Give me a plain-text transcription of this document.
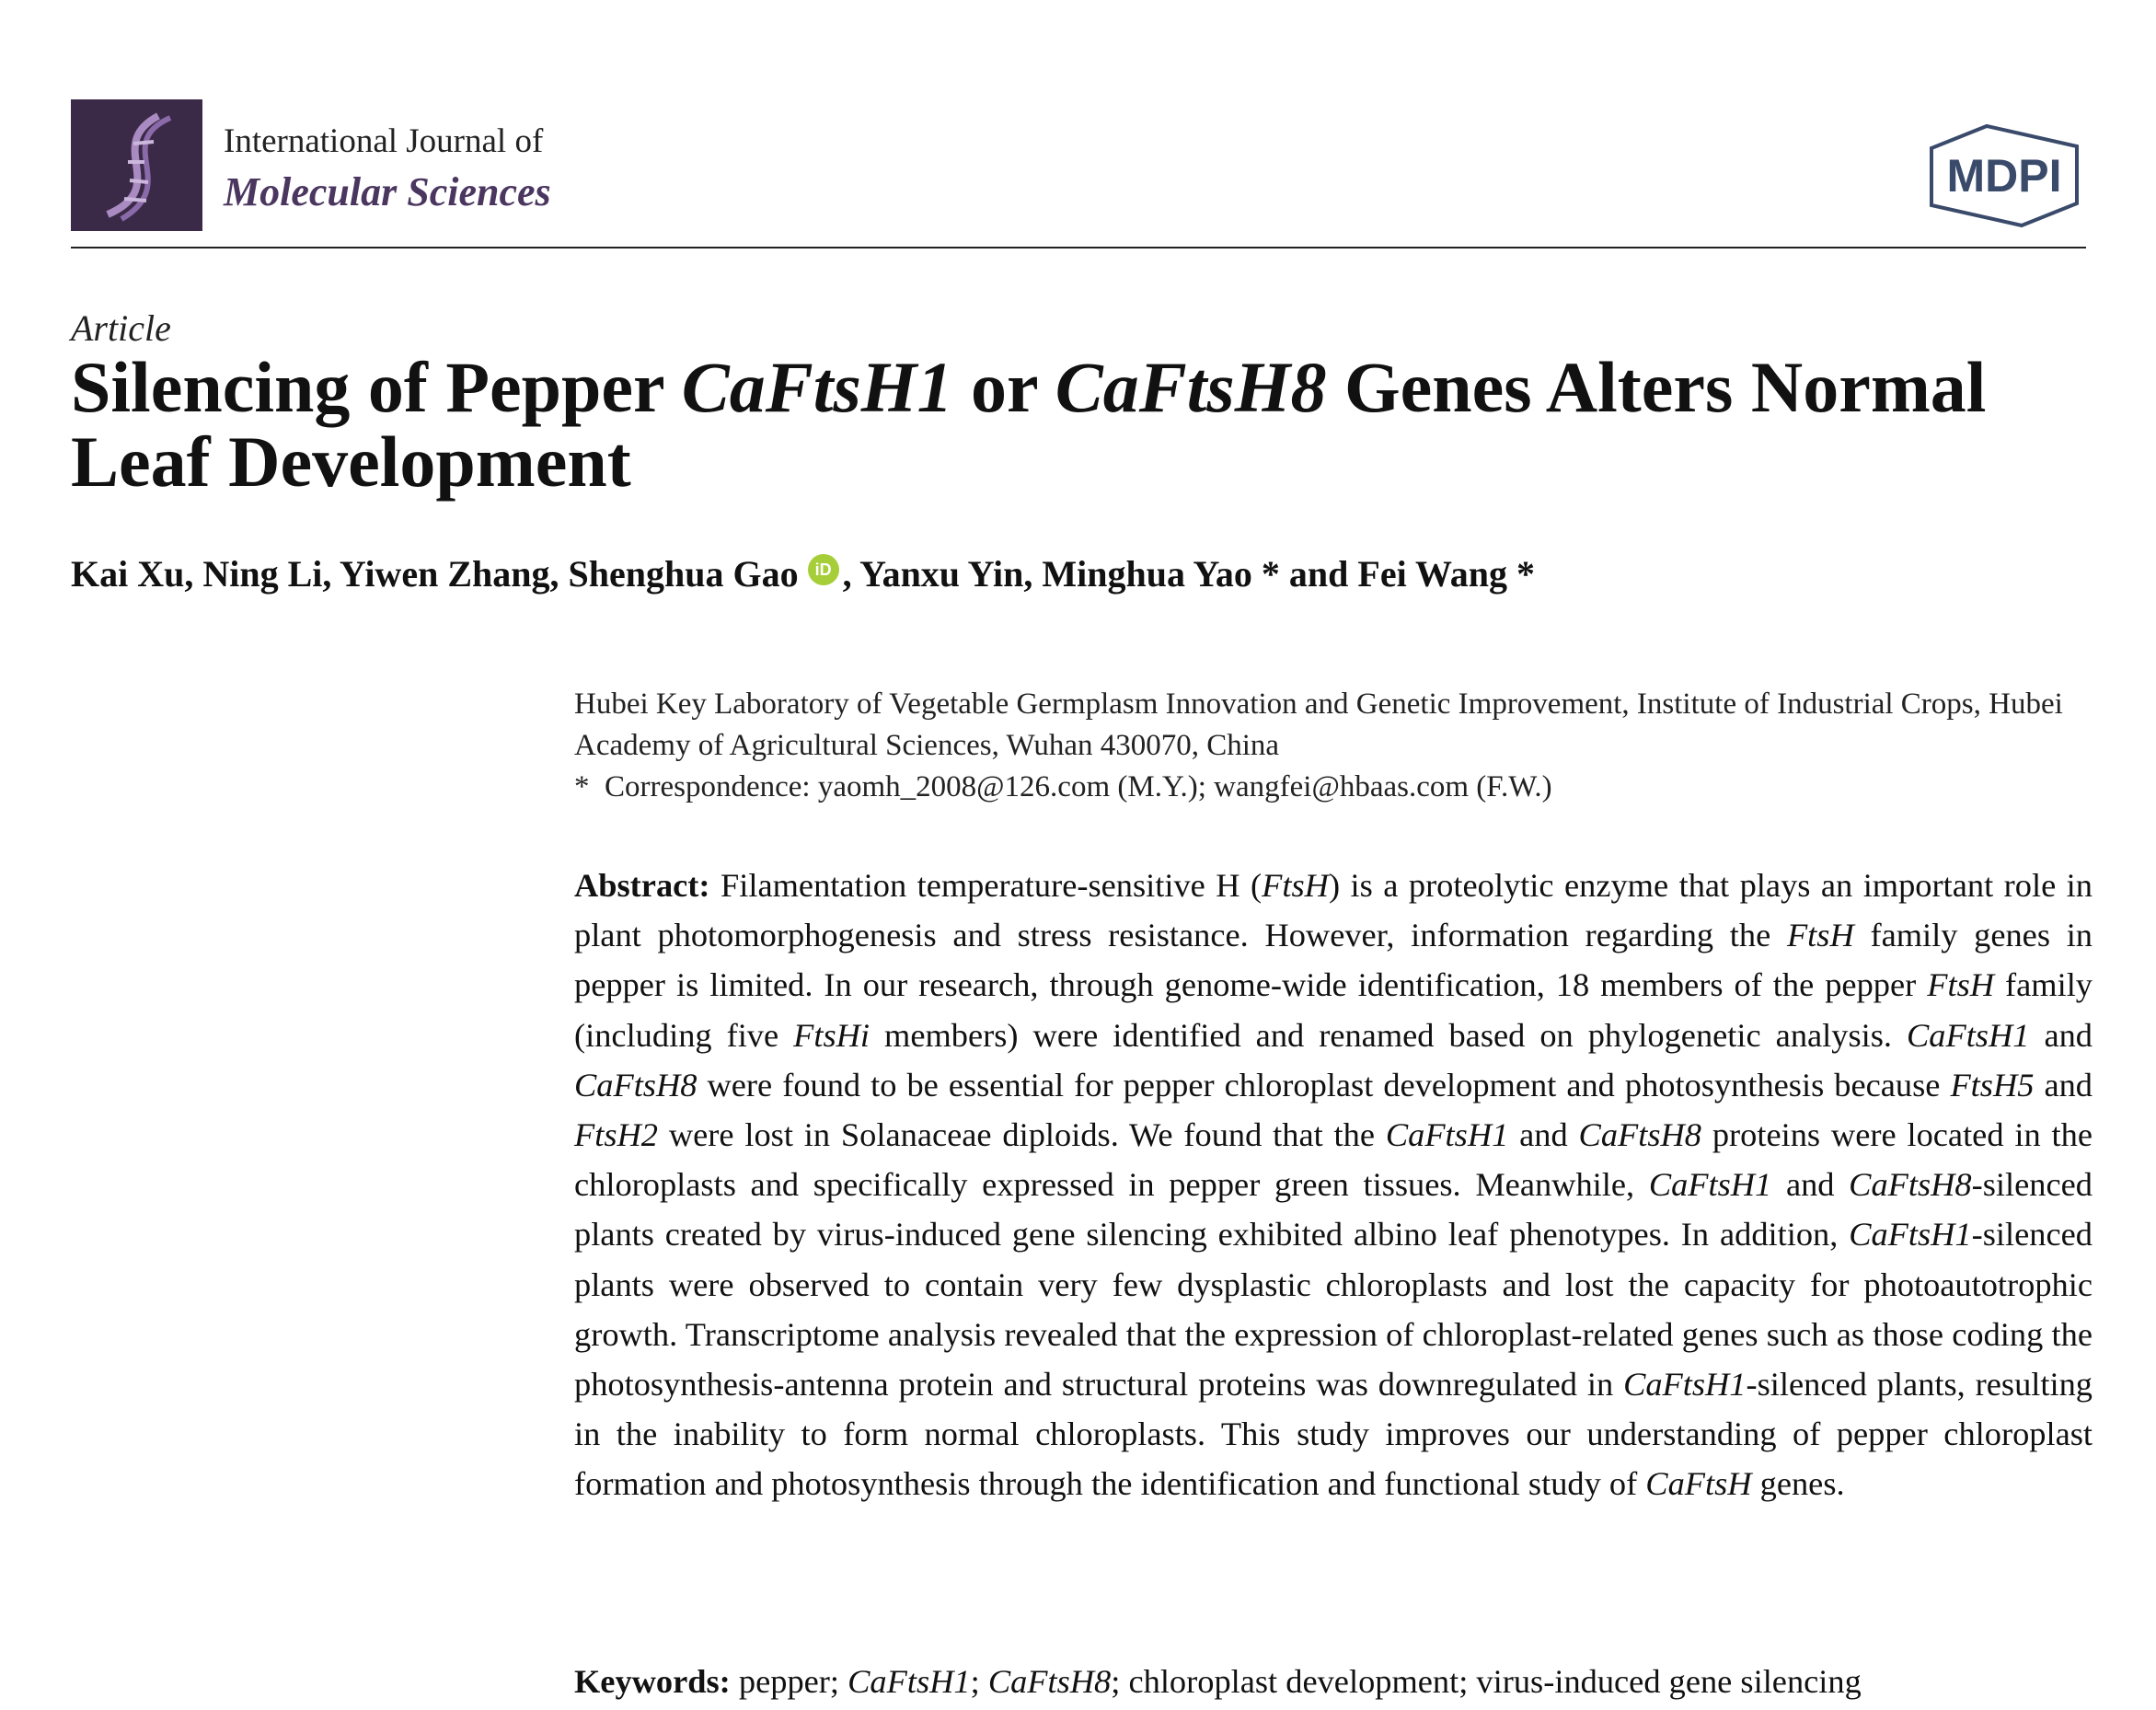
International Journal of
Molecular Sciences	MDPI
Article
Silencing of Pepper CaFtsH1 or CaFtsH8 Genes Alters Normal Leaf Development
Kai Xu, Ning Li, Yiwen Zhang, Shenghua Gao iD , Yanxu Yin, Minghua Yao * and Fei Wang *
Hubei Key Laboratory of Vegetable Germplasm Innovation and Genetic Improvement, Institute of Industrial Crops, Hubei Academy of Agricultural Sciences, Wuhan 430070, China
*  Correspondence: yaomh_2008@126.com (M.Y.); wangfei@hbaas.com (F.W.)
Abstract: Filamentation temperature-sensitive H (FtsH) is a proteolytic enzyme that plays an important role in plant photomorphogenesis and stress resistance. However, information regarding the FtsH family genes in pepper is limited. In our research, through genome-wide identification, 18 members of the pepper FtsH family (including five FtsHi members) were identified and renamed based on phylogenetic analysis. CaFtsH1 and CaFtsH8 were found to be essential for pepper chloroplast development and photosynthesis because FtsH5 and FtsH2 were lost in Solanaceae diploids. We found that the CaFtsH1 and CaFtsH8 proteins were located in the chloroplasts and specifically expressed in pepper green tissues. Meanwhile, CaFtsH1 and CaFtsH8-silenced plants created by virus-induced gene silencing exhibited albino leaf phenotypes. In addition, CaFtsH1-silenced plants were observed to contain very few dysplastic chloroplasts and lost the capacity for photoautotrophic growth. Transcriptome analysis revealed that the expression of chloroplast-related genes such as those coding the photosynthesis-antenna protein and structural proteins was downregulated in CaFtsH1-silenced plants, resulting in the inability to form normal chloroplasts. This study improves our understanding of pepper chloroplast formation and photosynthesis through the identification and functional study of CaFtsH genes.
Keywords: pepper; CaFtsH1; CaFtsH8; chloroplast development; virus-induced gene silencing
